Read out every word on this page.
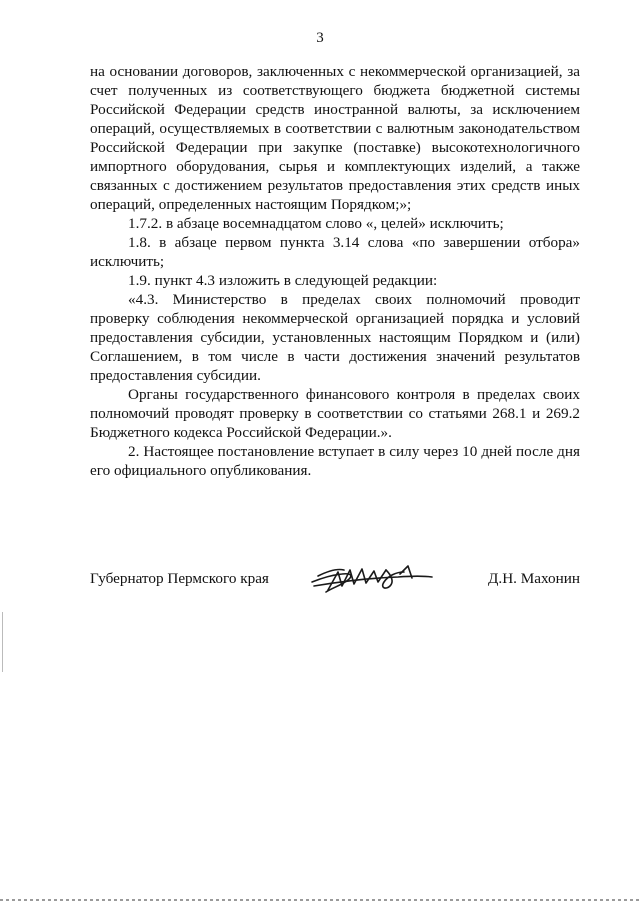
3

на основании договоров, заключенных с некоммерческой организацией, за счет полученных из соответствующего бюджета бюджетной системы Российской Федерации средств иностранной валюты, за исключением операций, осуществляемых в соответствии с валютным законодательством Российской Федерации при закупке (поставке) высокотехнологичного импортного оборудования, сырья и комплектующих изделий, а также связанных с достижением результатов предоставления этих средств иных операций, определенных настоящим Порядком;»;

1.7.2. в абзаце восемнадцатом слово «, целей» исключить;

1.8. в абзаце первом пункта 3.14 слова «по завершении отбора» исключить;

1.9. пункт 4.3 изложить в следующей редакции:

«4.3. Министерство в пределах своих полномочий проводит проверку соблюдения некоммерческой организацией порядка и условий предоставления субсидии, установленных настоящим Порядком и (или) Соглашением, в том числе в части достижения значений результатов предоставления субсидии.

Органы государственного финансового контроля в пределах своих полномочий проводят проверку в соответствии со статьями 268.1 и 269.2 Бюджетного кодекса Российской Федерации.».

2. Настоящее постановление вступает в силу через 10 дней после дня его официального опубликования.

Губернатор Пермского края	Д.Н. Махонин
